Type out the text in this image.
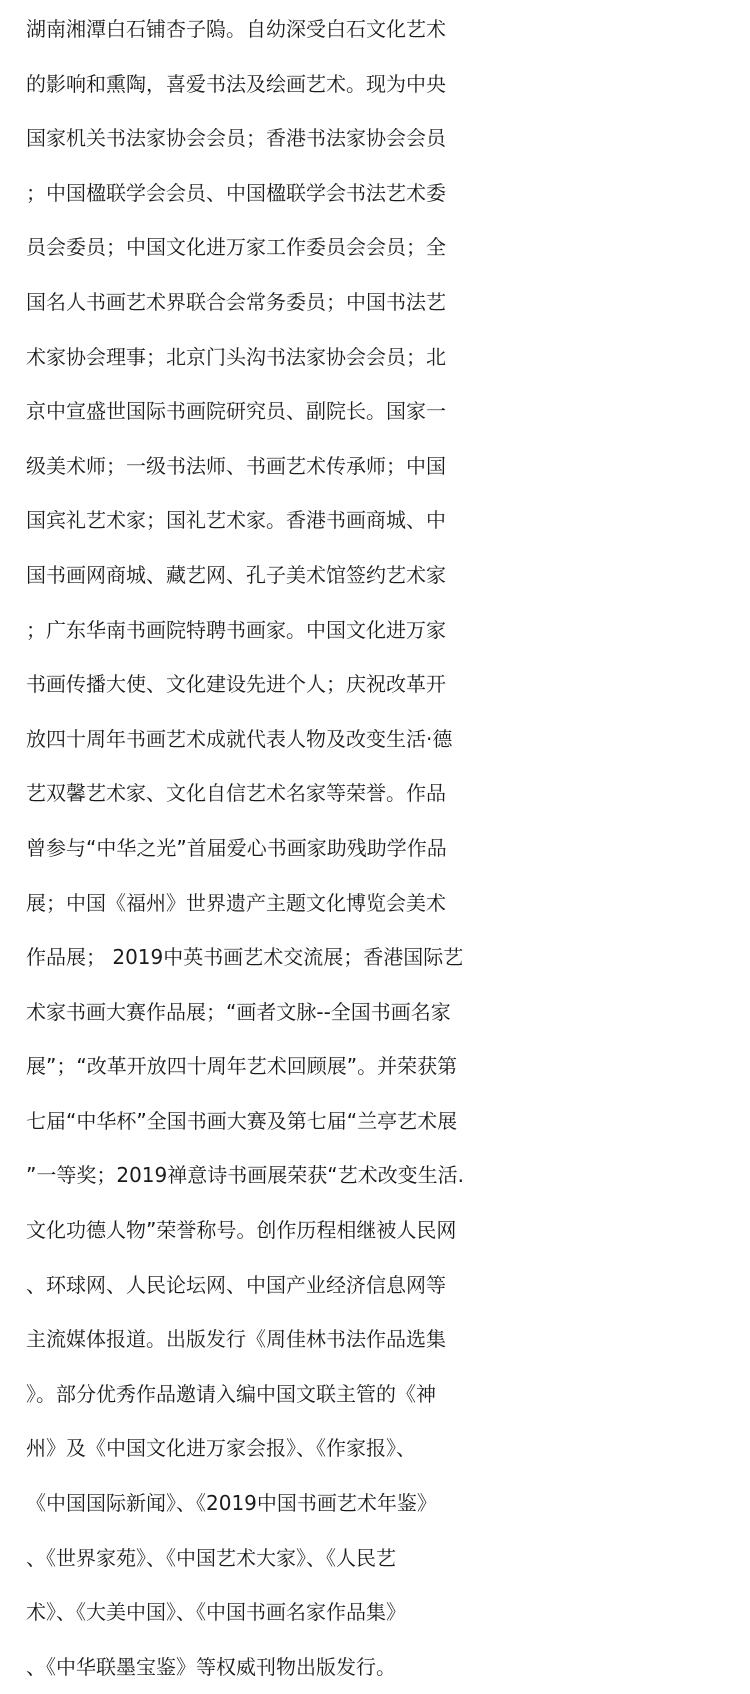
湖南湘潭白石铺杏子隖。自幼深受白石文化艺术
的影响和熏陶，喜爱书法及绘画艺术。现为中央
国家机关书法家协会会员；香港书法家协会会员
；中国楹联学会会员、中国楹联学会书法艺术委
员会委员；中国文化进万家工作委员会会员；全
国名人书画艺术界联合会常务委员；中国书法艺
术家协会理事；北京门头沟书法家协会会员；北
京中宣盛世国际书画院研究员、副院长。国家一
级美术师；一级书法师、书画艺术传承师；中国
国宾礼艺术家；国礼艺术家。香港书画商城、中
国书画网商城、藏艺网、孔子美术馆签约艺术家
；广东华南书画院特聘书画家。中国文化进万家
书画传播大使、文化建设先进个人；庆祝改革开
放四十周年书画艺术成就代表人物及改变生活·德
艺双馨艺术家、文化自信艺术名家等荣誉。作品
曾参与“中华之光”首届爱心书画家助残助学作品
展；中国《福州》世界遗产主题文化博览会美术
作品展； 2019中英书画艺术交流展；香港国际艺
术家书画大赛作品展；“画者文脉--全国书画名家
展”；“改革开放四十周年艺术回顾展”。并荣获第
七届“中华杯”全国书画大赛及第七届“兰亭艺术展
”一等奖；2019禅意诗书画展荣获“艺术改变生活.
文化功德人物”荣誉称号。创作历程相继被人民网
、环球网、人民论坛网、中国产业经济信息网等
主流媒体报道。出版发行《周佳林书法作品选集
》。部分优秀作品邀请入编中国文联主管的《神
州》及《中国文化进万家会报》、《作家报》、
《中国国际新闻》、《2019中国书画艺术年鉴》
、《世界家苑》、《中国艺术大家》、《人民艺
术》、《大美中国》、《中国书画名家作品集》
、《中华联墨宝鉴》等权威刊物出版发行。
